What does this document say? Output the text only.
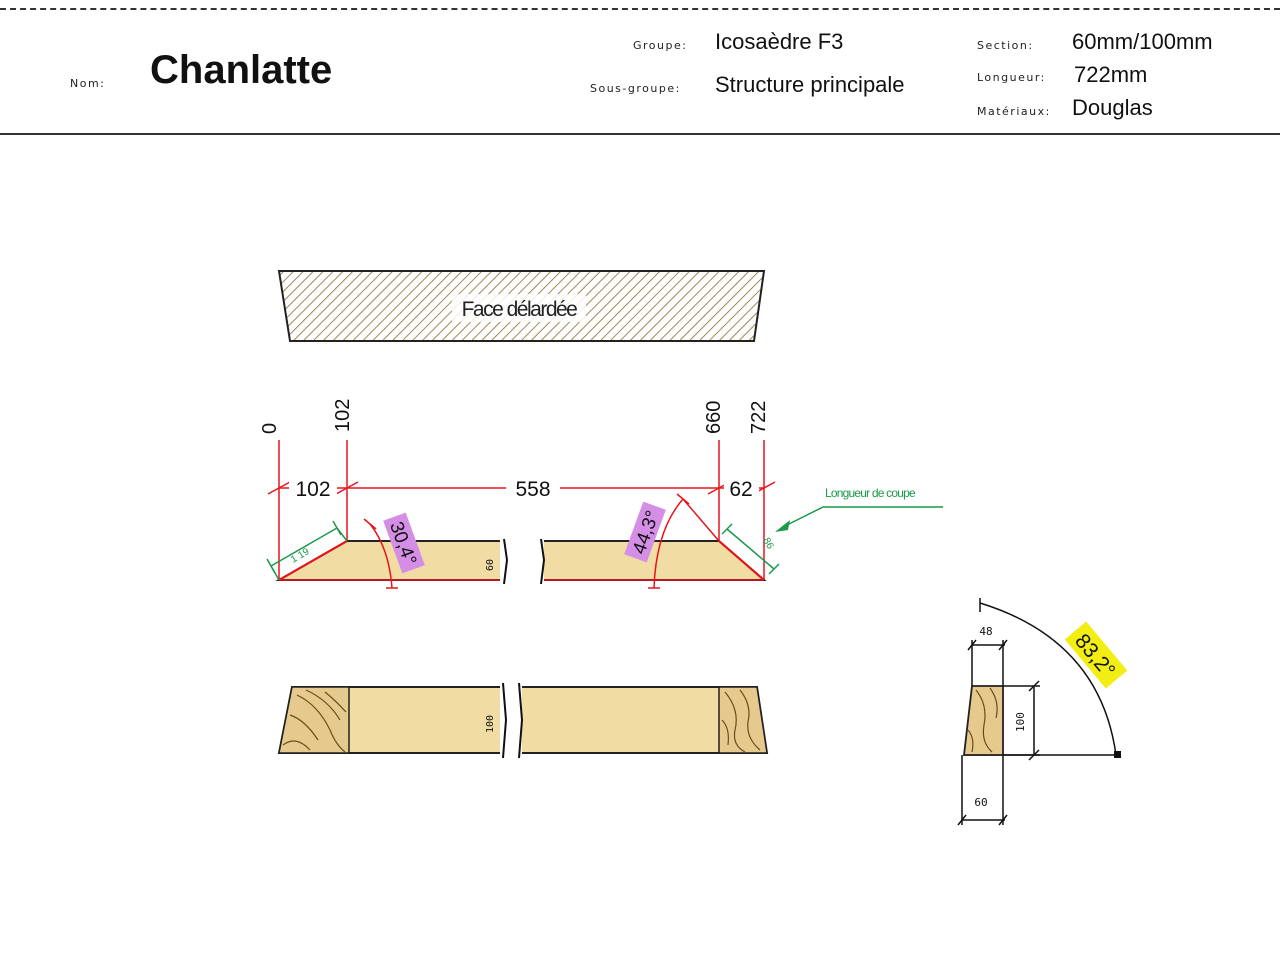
Nom: Chanlatte
Groupe: Icosaèdre F3
Sous-groupe: Structure principale
Section: 60mm/100mm
Longueur: 722mm
Matériaux: Douglas
Face délardée
0	102	660 722
102	558	62
60
30,4°	44,3°
1 19
86
Longueur de coupe
100
83,2°
48
100
60
